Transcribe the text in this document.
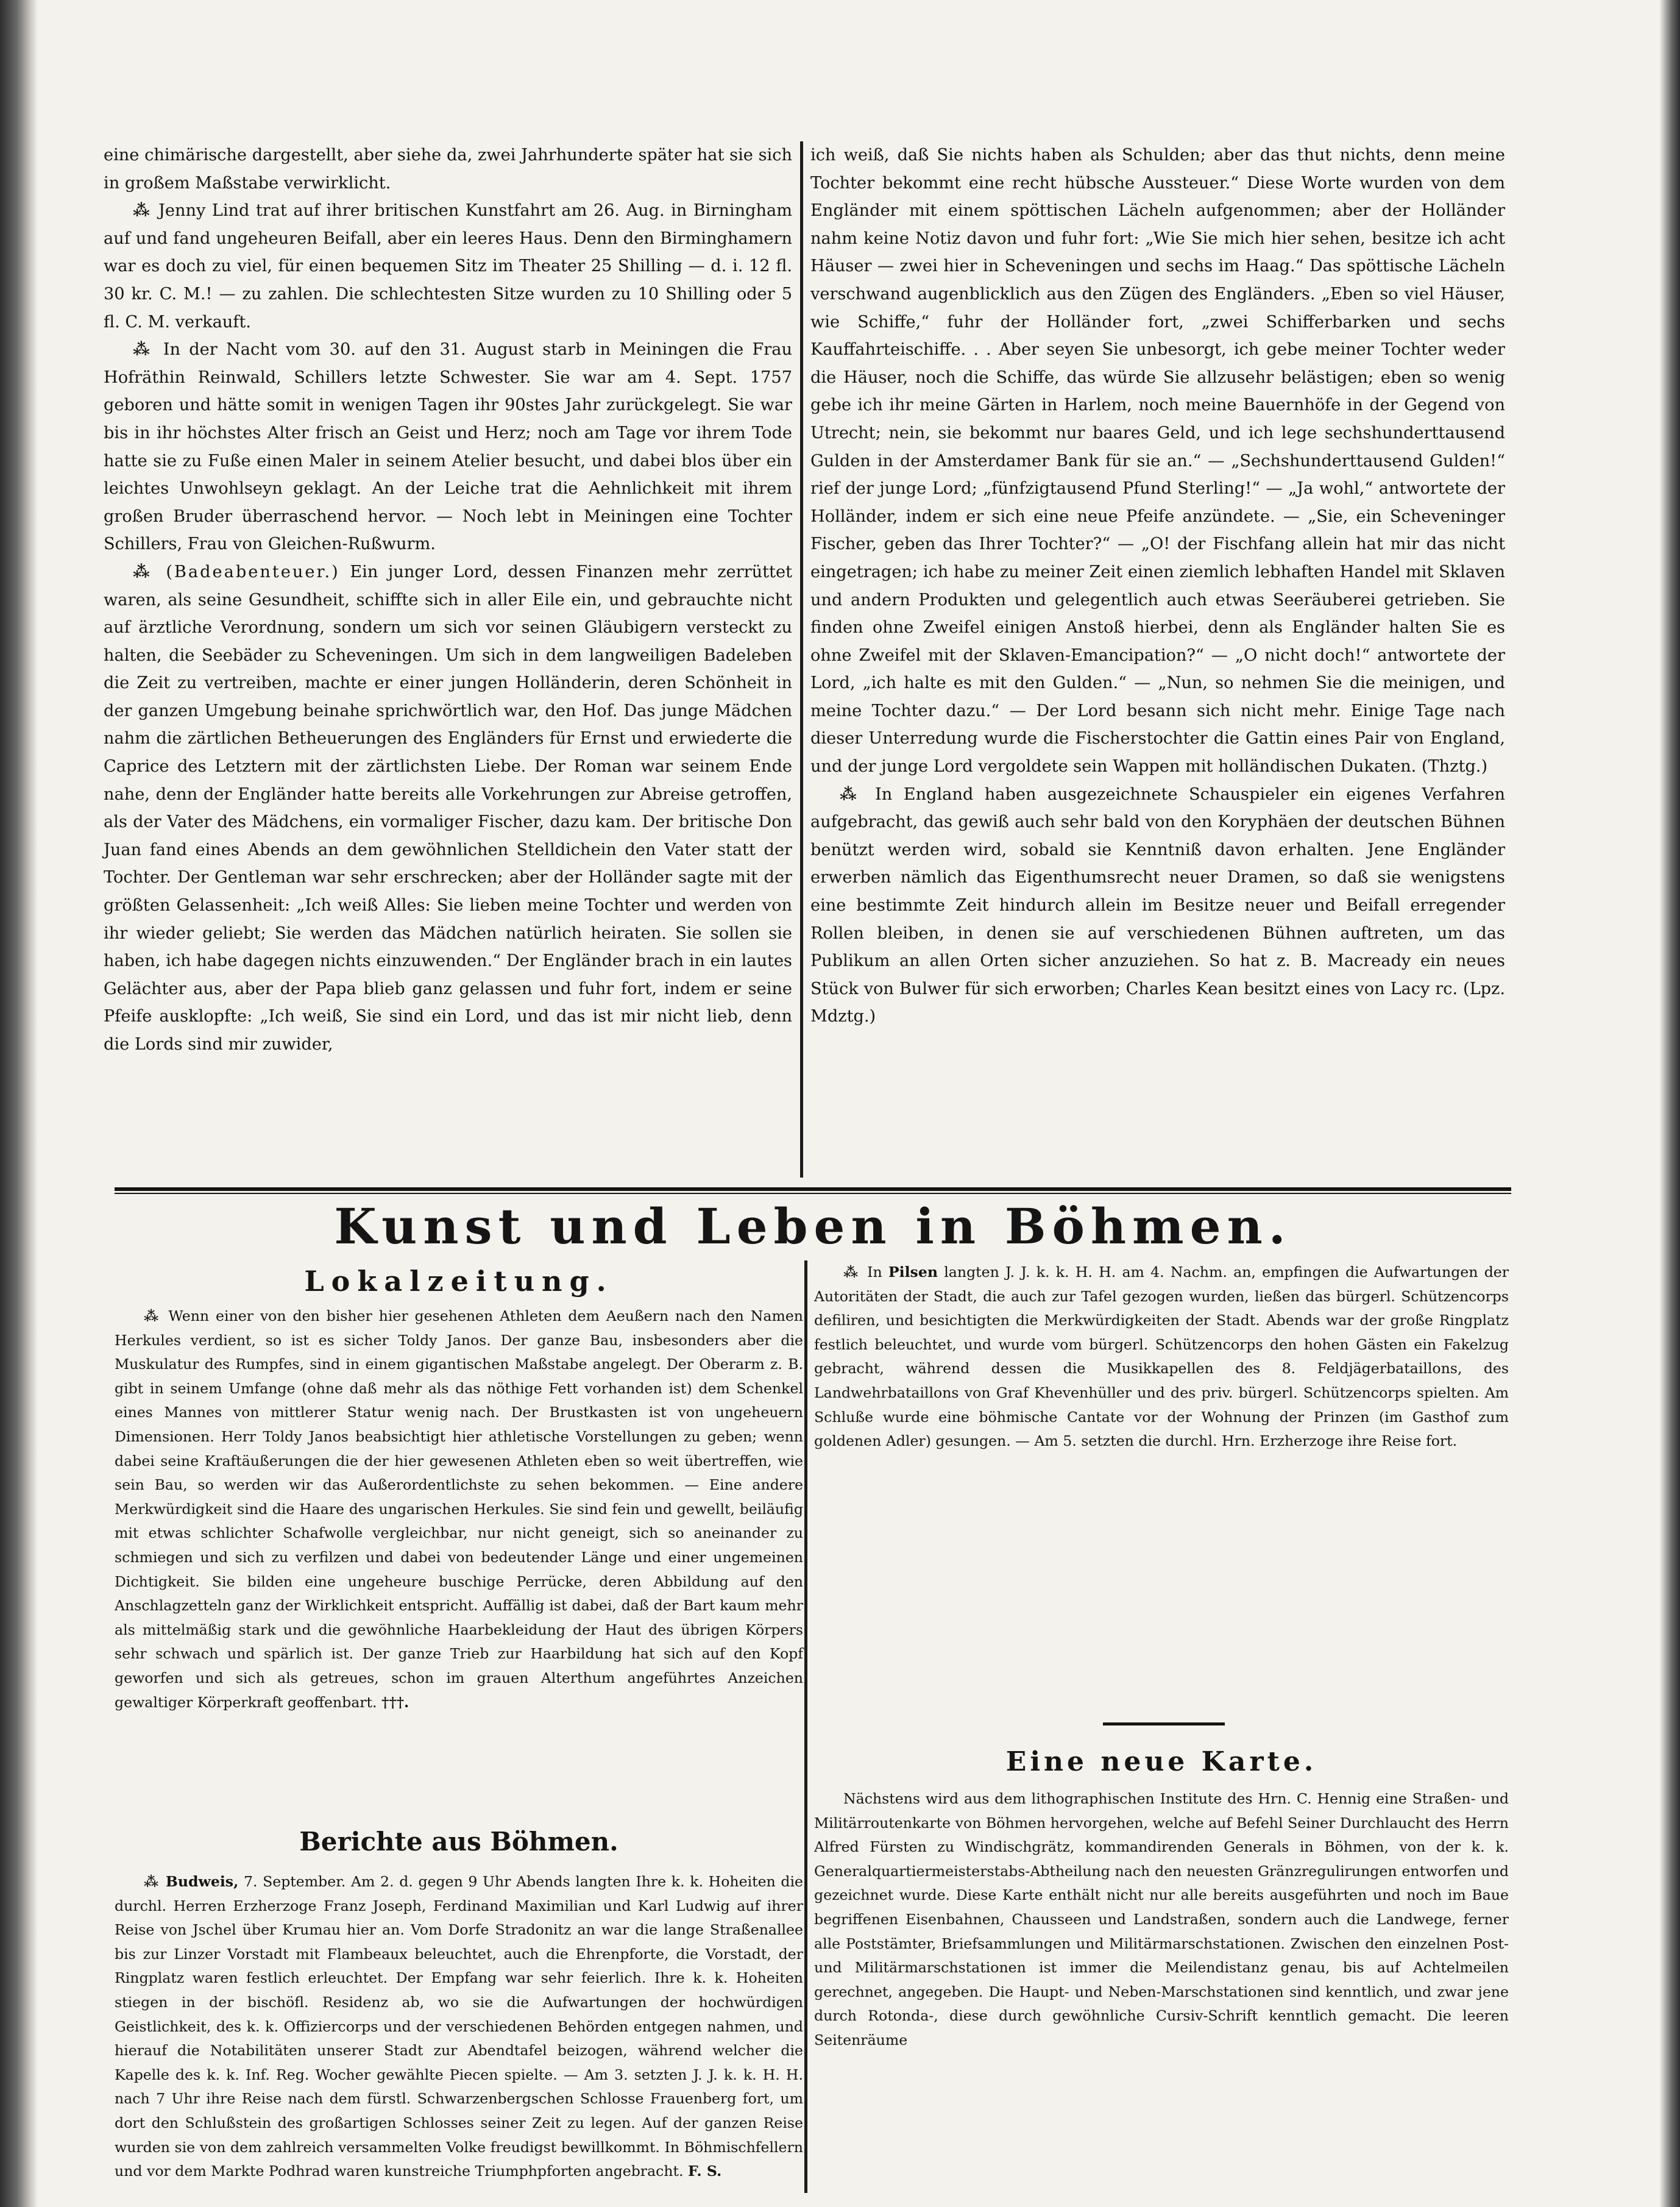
eine chimärische dargestellt, aber siehe da, zwei Jahrhunderte später hat sie sich in großem Maßstabe verwirklicht.

⁂ Jenny Lind trat auf ihrer britischen Kunstfahrt am 26. Aug. in Birningham auf und fand ungeheuren Beifall, aber ein leeres Haus. Denn den Birminghamern war es doch zu viel, für einen bequemen Sitz im Theater 25 Shilling — d. i. 12 fl. 30 kr. C. M.! — zu zahlen. Die schlechtesten Sitze wurden zu 10 Shilling oder 5 fl. C. M. verkauft.

⁂ In der Nacht vom 30. auf den 31. August starb in Meiningen die Frau Hofräthin Reinwald, Schillers letzte Schwester. Sie war am 4. Sept. 1757 geboren und hätte somit in wenigen Tagen ihr 90stes Jahr zurückgelegt. Sie war bis in ihr höchstes Alter frisch an Geist und Herz; noch am Tage vor ihrem Tode hatte sie zu Fuße einen Maler in seinem Atelier besucht, und dabei blos über ein leichtes Unwohlseyn geklagt. An der Leiche trat die Aehnlichkeit mit ihrem großen Bruder überraschend hervor. — Noch lebt in Meiningen eine Tochter Schillers, Frau von Gleichen-Rußwurm.

⁂ (Badeabenteuer.) Ein junger Lord, dessen Finanzen mehr zerrüttet waren, als seine Gesundheit, schiffte sich in aller Eile ein, und gebrauchte nicht auf ärztliche Verordnung, sondern um sich vor seinen Gläubigern versteckt zu halten, die Seebäder zu Scheveningen. Um sich in dem langweiligen Badeleben die Zeit zu vertreiben, machte er einer jungen Holländerin, deren Schönheit in der ganzen Umgebung beinahe sprichwörtlich war, den Hof. Das junge Mädchen nahm die zärtlichen Betheuerungen des Engländers für Ernst und erwiederte die Caprice des Letztern mit der zärtlichsten Liebe. Der Roman war seinem Ende nahe, denn der Engländer hatte bereits alle Vorkehrungen zur Abreise getroffen, als der Vater des Mädchens, ein vormaliger Fischer, dazu kam. Der britische Don Juan fand eines Abends an dem gewöhnlichen Stelldichein den Vater statt der Tochter. Der Gentleman war sehr erschrecken; aber der Holländer sagte mit der größten Gelassenheit: „Ich weiß Alles: Sie lieben meine Tochter und werden von ihr wieder geliebt; Sie werden das Mädchen natürlich heiraten. Sie sollen sie haben, ich habe dagegen nichts einzuwenden.“ Der Engländer brach in ein lautes Gelächter aus, aber der Papa blieb ganz gelassen und fuhr fort, indem er seine Pfeife ausklopfte: „Ich weiß, Sie sind ein Lord, und das ist mir nicht lieb, denn die Lords sind mir zuwider,

ich weiß, daß Sie nichts haben als Schulden; aber das thut nichts, denn meine Tochter bekommt eine recht hübsche Aussteuer.“ Diese Worte wurden von dem Engländer mit einem spöttischen Lächeln aufgenommen; aber der Holländer nahm keine Notiz davon und fuhr fort: „Wie Sie mich hier sehen, besitze ich acht Häuser — zwei hier in Scheveningen und sechs im Haag.“ Das spöttische Lächeln verschwand augenblicklich aus den Zügen des Engländers. „Eben so viel Häuser, wie Schiffe,“ fuhr der Holländer fort, „zwei Schifferbarken und sechs Kauffahrteischiffe. . . Aber seyen Sie unbesorgt, ich gebe meiner Tochter weder die Häuser, noch die Schiffe, das würde Sie allzusehr belästigen; eben so wenig gebe ich ihr meine Gärten in Harlem, noch meine Bauernhöfe in der Gegend von Utrecht; nein, sie bekommt nur baares Geld, und ich lege sechshunderttausend Gulden in der Amsterdamer Bank für sie an.“ — „Sechshunderttausend Gulden!“ rief der junge Lord; „fünfzigtausend Pfund Sterling!“ — „Ja wohl,“ antwortete der Holländer, indem er sich eine neue Pfeife anzündete. — „Sie, ein Scheveninger Fischer, geben das Ihrer Tochter?“ — „O! der Fischfang allein hat mir das nicht eingetragen; ich habe zu meiner Zeit einen ziemlich lebhaften Handel mit Sklaven und andern Produkten und gelegentlich auch etwas Seeräuberei getrieben. Sie finden ohne Zweifel einigen Anstoß hierbei, denn als Engländer halten Sie es ohne Zweifel mit der Sklaven-Emancipation?“ — „O nicht doch!“ antwortete der Lord, „ich halte es mit den Gulden.“ — „Nun, so nehmen Sie die meinigen, und meine Tochter dazu.“ — Der Lord besann sich nicht mehr. Einige Tage nach dieser Unterredung wurde die Fischerstochter die Gattin eines Pair von England, und der junge Lord vergoldete sein Wappen mit holländischen Dukaten. (Thztg.)

⁂ In England haben ausgezeichnete Schauspieler ein eigenes Verfahren aufgebracht, das gewiß auch sehr bald von den Koryphäen der deutschen Bühnen benützt werden wird, sobald sie Kenntniß davon erhalten. Jene Engländer erwerben nämlich das Eigenthumsrecht neuer Dramen, so daß sie wenigstens eine bestimmte Zeit hindurch allein im Besitze neuer und Beifall erregender Rollen bleiben, in denen sie auf verschiedenen Bühnen auftreten, um das Publikum an allen Orten sicher anzuziehen. So hat z. B. Macready ein neues Stück von Bulwer für sich erworben; Charles Kean besitzt eines von Lacy rc. (Lpz. Mdztg.)

Kunst und Leben in Böhmen.
Lokalzeitung.

⁂ Wenn einer von den bisher hier gesehenen Athleten dem Aeußern nach den Namen Herkules verdient, so ist es sicher Toldy Janos. Der ganze Bau, insbesonders aber die Muskulatur des Rumpfes, sind in einem gigantischen Maßstabe angelegt. Der Oberarm z. B. gibt in seinem Umfange (ohne daß mehr als das nöthige Fett vorhanden ist) dem Schenkel eines Mannes von mittlerer Statur wenig nach. Der Brustkasten ist von ungeheuern Dimensionen. Herr Toldy Janos beabsichtigt hier athletische Vorstellungen zu geben; wenn dabei seine Kraftäußerungen die der hier gewesenen Athleten eben so weit übertreffen, wie sein Bau, so werden wir das Außerordentlichste zu sehen bekommen. — Eine andere Merkwürdigkeit sind die Haare des ungarischen Herkules. Sie sind fein und gewellt, beiläufig mit etwas schlichter Schafwolle vergleichbar, nur nicht geneigt, sich so aneinander zu schmiegen und sich zu verfilzen und dabei von bedeutender Länge und einer ungemeinen Dichtigkeit. Sie bilden eine ungeheure buschige Perrücke, deren Abbildung auf den Anschlagzetteln ganz der Wirklichkeit entspricht. Auffällig ist dabei, daß der Bart kaum mehr als mittelmäßig stark und die gewöhnliche Haarbekleidung der Haut des übrigen Körpers sehr schwach und spärlich ist. Der ganze Trieb zur Haarbildung hat sich auf den Kopf geworfen und sich als getreues, schon im grauen Alterthum angeführtes Anzeichen gewaltiger Körperkraft geoffenbart. †††.

Berichte aus Böhmen.

⁂ Budweis, 7. September. Am 2. d. gegen 9 Uhr Abends langten Ihre k. k. Hoheiten die durchl. Herren Erzherzoge Franz Joseph, Ferdinand Maximilian und Karl Ludwig auf ihrer Reise von Jschel über Krumau hier an. Vom Dorfe Stradonitz an war die lange Straßenallee bis zur Linzer Vorstadt mit Flambeaux beleuchtet, auch die Ehrenpforte, die Vorstadt, der Ringplatz waren festlich erleuchtet. Der Empfang war sehr feierlich. Ihre k. k. Hoheiten stiegen in der bischöfl. Residenz ab, wo sie die Aufwartungen der hochwürdigen Geistlichkeit, des k. k. Offiziercorps und der verschiedenen Behörden entgegen nahmen, und hierauf die Notabilitäten unserer Stadt zur Abendtafel beizogen, während welcher die Kapelle des k. k. Inf. Reg. Wocher gewählte Piecen spielte. — Am 3. setzten J. J. k. k. H. H. nach 7 Uhr ihre Reise nach dem fürstl. Schwarzenbergschen Schlosse Frauenberg fort, um dort den Schlußstein des großartigen Schlosses seiner Zeit zu legen. Auf der ganzen Reise wurden sie von dem zahlreich versammelten Volke freudigst bewillkommt. In Böhmischfellern und vor dem Markte Podhrad waren kunstreiche Triumphpforten angebracht. F. S.

⁂ In Pilsen langten J. J. k. k. H. H. am 4. Nachm. an, empfingen die Aufwartungen der Autoritäten der Stadt, die auch zur Tafel gezogen wurden, ließen das bürgerl. Schützencorps defiliren, und besichtigten die Merkwürdigkeiten der Stadt. Abends war der große Ringplatz festlich beleuchtet, und wurde vom bürgerl. Schützencorps den hohen Gästen ein Fakelzug gebracht, während dessen die Musikkapellen des 8. Feldjägerbataillons, des Landwehrbataillons von Graf Khevenhüller und des priv. bürgerl. Schützencorps spielten. Am Schluße wurde eine böhmische Cantate vor der Wohnung der Prinzen (im Gasthof zum goldenen Adler) gesungen. — Am 5. setzten die durchl. Hrn. Erzherzoge ihre Reise fort.

Eine neue Karte.

Nächstens wird aus dem lithographischen Institute des Hrn. C. Hennig eine Straßen- und Militärroutenkarte von Böhmen hervorgehen, welche auf Befehl Seiner Durchlaucht des Herrn Alfred Fürsten zu Windischgrätz, kommandirenden Generals in Böhmen, von der k. k. Generalquartiermeisterstabs-Abtheilung nach den neuesten Gränzregulirungen entworfen und gezeichnet wurde. Diese Karte enthält nicht nur alle bereits ausgeführten und noch im Baue begriffenen Eisenbahnen, Chausseen und Landstraßen, sondern auch die Landwege, ferner alle Poststämter, Briefsammlungen und Militärmarschstationen. Zwischen den einzelnen Post- und Militärmarschstationen ist immer die Meilendistanz genau, bis auf Achtelmeilen gerechnet, angegeben. Die Haupt- und Neben-Marschstationen sind kenntlich, und zwar jene durch Rotonda-, diese durch gewöhnliche Cursiv-Schrift kenntlich gemacht. Die leeren Seitenräume
